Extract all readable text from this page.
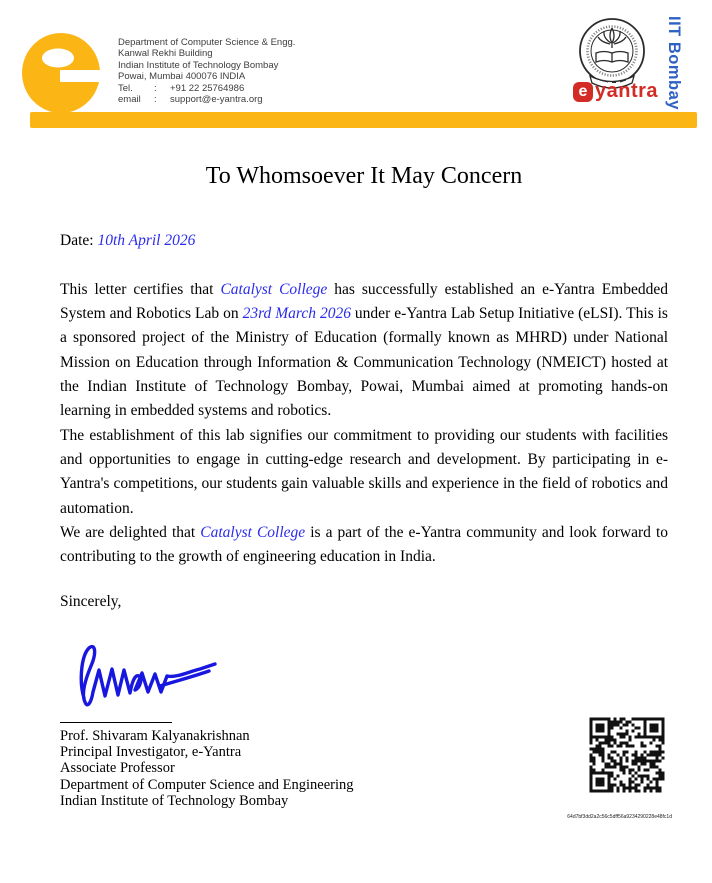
Department of Computer Science & Engg.
Kanwal Rekhi Building
Indian Institute of Technology Bombay
Powai, Mumbai 400076 INDIA
Tel.	:	+91 22 25764986
email	:	support@e-yantra.org	IIT Bombay
e yantra
To Whomsoever It May Concern
Date: 10th April 2026
This letter certifies that Catalyst College has successfully established an e-Yantra Embedded System and Robotics Lab on 23rd March 2026 under e-Yantra Lab Setup Initiative (eLSI). This is a sponsored project of the Ministry of Education (formally known as MHRD) under National Mission on Education through Information & Communication Technology (NMEICT) hosted at the Indian Institute of Technology Bombay, Powai, Mumbai aimed at promoting hands-on learning in embedded systems and robotics.
The establishment of this lab signifies our commitment to providing our students with facilities and opportunities to engage in cutting-edge research and development. By participating in e-Yantra's competitions, our students gain valuable skills and experience in the field of robotics and automation.
We are delighted that Catalyst College is a part of the e-Yantra community and look forward to contributing to the growth of engineering education in India.
Sincerely,
Prof. Shivaram Kalyanakrishnan
Principal Investigator, e-Yantra
Associate Professor
Department of Computer Science and Engineering
Indian Institute of Technology Bombay
64d7bf3dd2a2c56c5dff56a9234290228e48fc1d
